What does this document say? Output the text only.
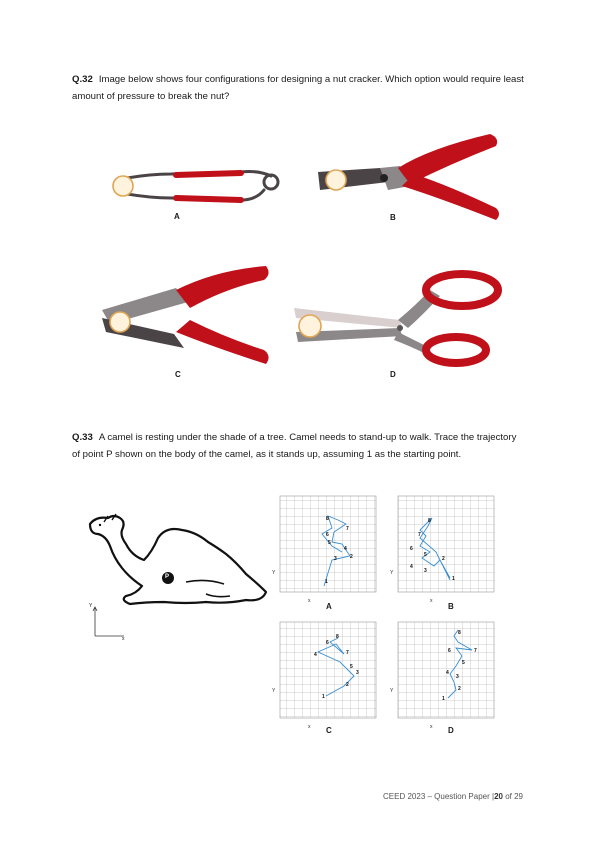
Q.32 Image below shows four configurations for designing a nut cracker. Which option would require least amount of pressure to break the nut?
A	B
C	D
Q.33 A camel is resting under the shade of a tree. Camel needs to stand-up to walk. Trace the trajectory of point P shown on the body of the camel, as it stands up, assuming 1 as the starting point.
P
Y
x
1
2
3
4
5
6
7
8
1
2
3
4
5
6
7
8
1
2
3
4
5
6
7
8
1
2
3
4
5
6	7
8
Y
x
Y
x
Y
x
Y
x
A	B
C	D
CEED 2023 – Question Paper |20 of 29
